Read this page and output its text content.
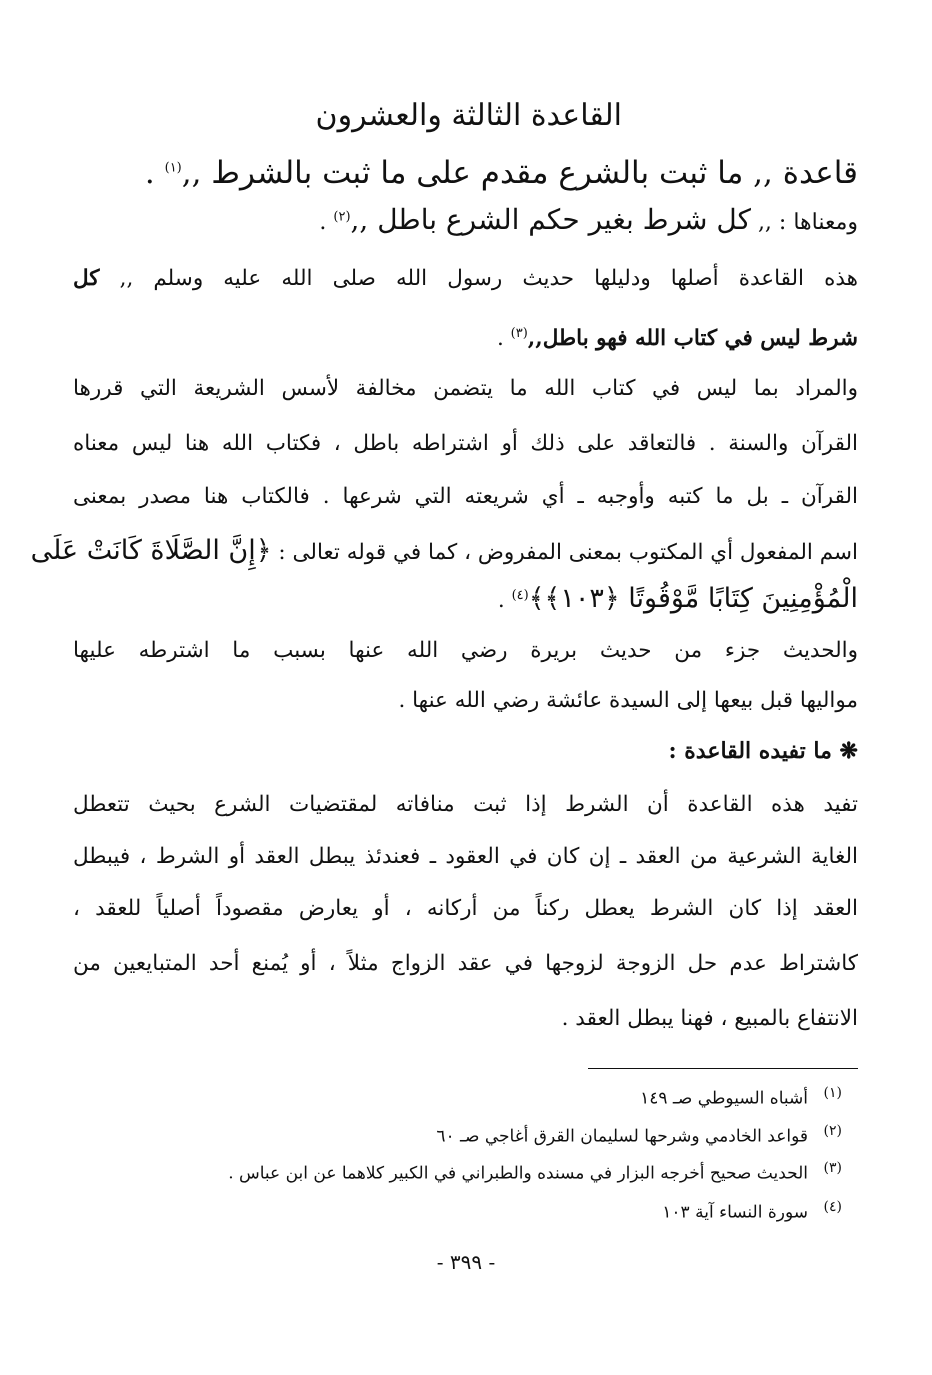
القاعدة الثالثة والعشرون

قاعدة ,, ما ثبت بالشرع مقدم على ما ثبت بالشرط ,,$^{(١)}$ .

ومعناها : ,, كل شرط بغير حكم الشرع باطل ,,$^{(٢)}$ .

هذه القاعدة أصلها ودليلها حديث رسول الله صلى الله عليه وسلم ,, كل

شرط ليس في كتاب الله فهو باطل,,$^{(٣)}$ .

والمراد بما ليس في كتاب الله ما يتضمن مخالفة لأسس الشريعة التي قررها

القرآن والسنة . فالتعاقد على ذلك أو اشتراطه باطل ، فكتاب الله هنا ليس معناه

القرآن ـ بل ما كتبه وأوجبه ـ أي شريعته التي شرعها . فالكتاب هنا مصدر بمعنى

اسم المفعول أي المكتوب بمعنى المفروض ، كما في قوله تعالى : ﴿إِنَّ الصَّلَاةَ كَانَتْ عَلَى

الْمُؤْمِنِينَ كِتَابًا مَّوْقُوتًا ﴿١٠٣﴾﴾$^{(٤)}$ .

والحديث جزء من حديث بريرة رضي الله عنها بسبب ما اشترطه عليها

مواليها قبل بيعها إلى السيدة عائشة رضي الله عنها .

❋ ما تفيده القاعدة :

تفيد هذه القاعدة أن الشرط إذا ثبت منافاته لمقتضيات الشرع بحيث تتعطل

الغاية الشرعية من العقد ـ إن كان في العقود ـ فعندئذ يبطل العقد أو الشرط ، فيبطل

العقد إذا كان الشرط يعطل ركناً من أركانه ، أو يعارض مقصوداً أصلياً للعقد ،

كاشتراط عدم حل الزوجة لزوجها في عقد الزواج مثلاً ، أو يُمنع أحد المتبايعين من

الانتفاع بالمبيع ، فهنا يبطل العقد .

(١)أشباه السيوطي صـ ١٤٩
(٢)قواعد الخادمي وشرحها لسليمان القرق أغاجي صـ ٦٠
(٣)الحديث صحيح أخرجه البزار في مسنده والطبراني في الكبير كلاهما عن ابن عباس .
(٤)سورة النساء آية ١٠٣
- ٣٩٩ -
